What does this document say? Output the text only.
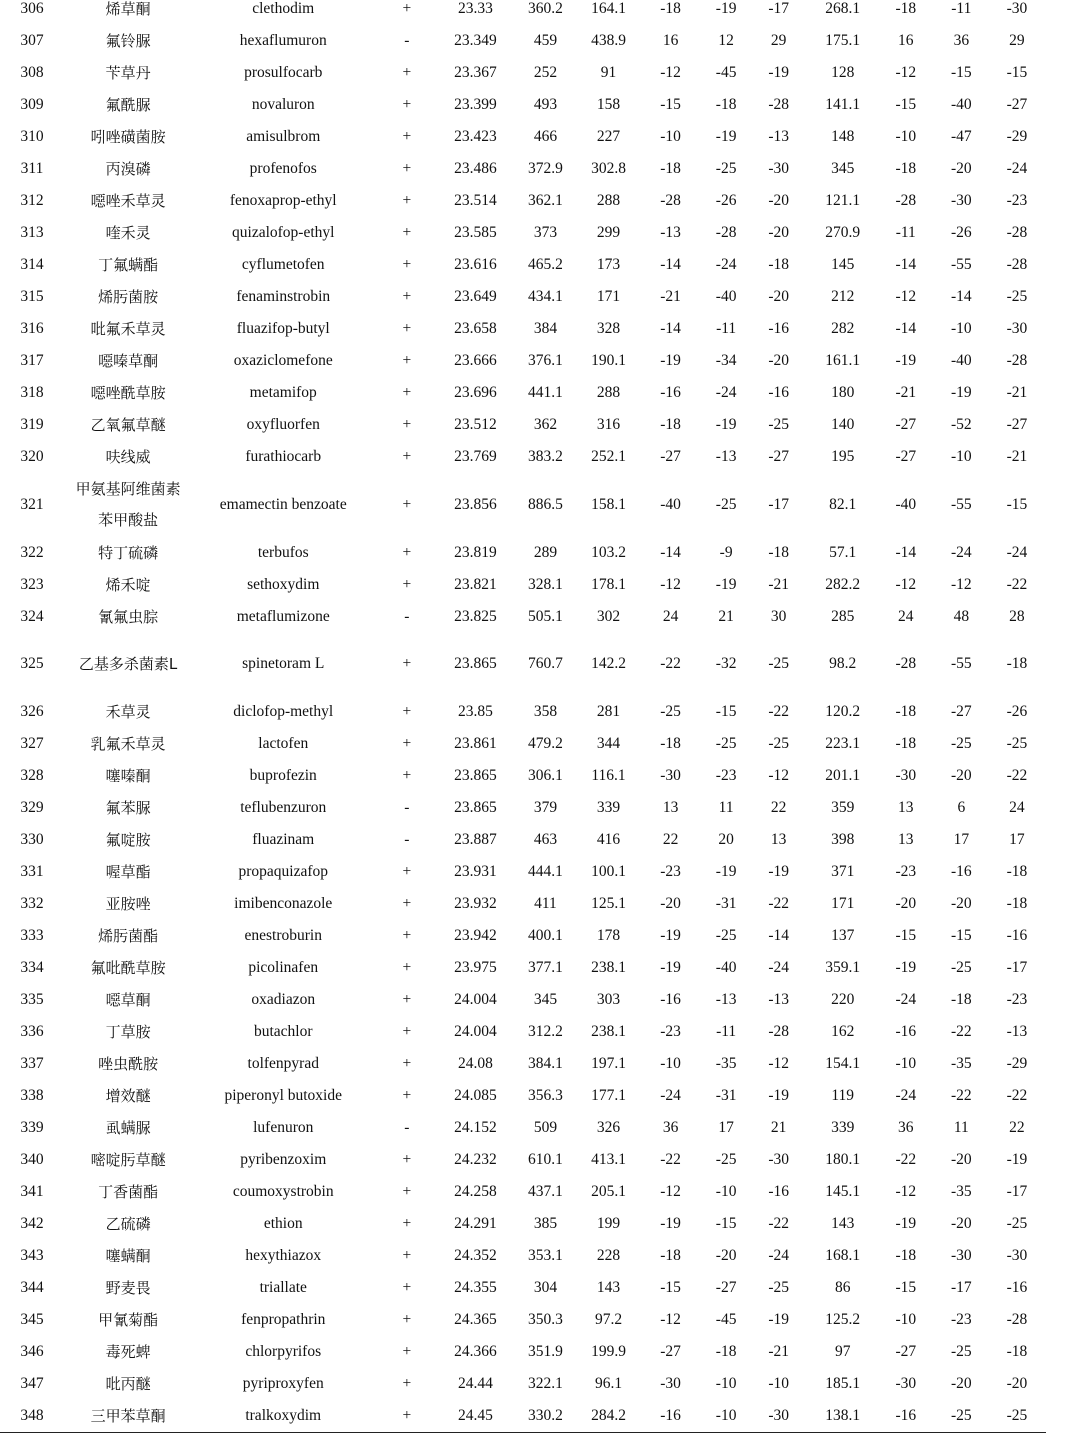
306	烯草酮	clethodim	+	23.33	360.2	164.1	-18	-19	-17	268.1	-18	-11	-30
307	氟铃脲	hexaflumuron	-	23.349	459	438.9	16	12	29	175.1	16	36	29
308	苄草丹	prosulfocarb	+	23.367	252	91	-12	-45	-19	128	-12	-15	-15
309	氟酰脲	novaluron	+	23.399	493	158	-15	-18	-28	141.1	-15	-40	-27
310	吲唑磺菌胺	amisulbrom	+	23.423	466	227	-10	-19	-13	148	-10	-47	-29
311	丙溴磷	profenofos	+	23.486	372.9	302.8	-18	-25	-30	345	-18	-20	-24
312	噁唑禾草灵	fenoxaprop-ethyl	+	23.514	362.1	288	-28	-26	-20	121.1	-28	-30	-23
313	喹禾灵	quizalofop-ethyl	+	23.585	373	299	-13	-28	-20	270.9	-11	-26	-28
314	丁氟螨酯	cyflumetofen	+	23.616	465.2	173	-14	-24	-18	145	-14	-55	-28
315	烯肟菌胺	fenaminstrobin	+	23.649	434.1	171	-21	-40	-20	212	-12	-14	-25
316	吡氟禾草灵	fluazifop-butyl	+	23.658	384	328	-14	-11	-16	282	-14	-10	-30
317	噁嗪草酮	oxaziclomefone	+	23.666	376.1	190.1	-19	-34	-20	161.1	-19	-40	-28
318	噁唑酰草胺	metamifop	+	23.696	441.1	288	-16	-24	-16	180	-21	-19	-21
319	乙氧氟草醚	oxyfluorfen	+	23.512	362	316	-18	-19	-25	140	-27	-52	-27
320	呋线威	furathiocarb	+	23.769	383.2	252.1	-27	-13	-27	195	-27	-10	-21
321	甲氨基阿维菌素苯甲酸盐	emamectin benzoate	+	23.856	886.5	158.1	-40	-25	-17	82.1	-40	-55	-15
322	特丁硫磷	terbufos	+	23.819	289	103.2	-14	-9	-18	57.1	-14	-24	-24
323	烯禾啶	sethoxydim	+	23.821	328.1	178.1	-12	-19	-21	282.2	-12	-12	-22
324	氰氟虫腙	metaflumizone	-	23.825	505.1	302	24	21	30	285	24	48	28
325	乙基多杀菌素L	spinetoram L	+	23.865	760.7	142.2	-22	-32	-25	98.2	-28	-55	-18
326	禾草灵	diclofop-methyl	+	23.85	358	281	-25	-15	-22	120.2	-18	-27	-26
327	乳氟禾草灵	lactofen	+	23.861	479.2	344	-18	-25	-25	223.1	-18	-25	-25
328	噻嗪酮	buprofezin	+	23.865	306.1	116.1	-30	-23	-12	201.1	-30	-20	-22
329	氟苯脲	teflubenzuron	-	23.865	379	339	13	11	22	359	13	6	24
330	氟啶胺	fluazinam	-	23.887	463	416	22	20	13	398	13	17	17
331	喔草酯	propaquizafop	+	23.931	444.1	100.1	-23	-19	-19	371	-23	-16	-18
332	亚胺唑	imibenconazole	+	23.932	411	125.1	-20	-31	-22	171	-20	-20	-18
333	烯肟菌酯	enestroburin	+	23.942	400.1	178	-19	-25	-14	137	-15	-15	-16
334	氟吡酰草胺	picolinafen	+	23.975	377.1	238.1	-19	-40	-24	359.1	-19	-25	-17
335	噁草酮	oxadiazon	+	24.004	345	303	-16	-13	-13	220	-24	-18	-23
336	丁草胺	butachlor	+	24.004	312.2	238.1	-23	-11	-28	162	-16	-22	-13
337	唑虫酰胺	tolfenpyrad	+	24.08	384.1	197.1	-10	-35	-12	154.1	-10	-35	-29
338	增效醚	piperonyl butoxide	+	24.085	356.3	177.1	-24	-31	-19	119	-24	-22	-22
339	虱螨脲	lufenuron	-	24.152	509	326	36	17	21	339	36	11	22
340	嘧啶肟草醚	pyribenzoxim	+	24.232	610.1	413.1	-22	-25	-30	180.1	-22	-20	-19
341	丁香菌酯	coumoxystrobin	+	24.258	437.1	205.1	-12	-10	-16	145.1	-12	-35	-17
342	乙硫磷	ethion	+	24.291	385	199	-19	-15	-22	143	-19	-20	-25
343	噻螨酮	hexythiazox	+	24.352	353.1	228	-18	-20	-24	168.1	-18	-30	-30
344	野麦畏	triallate	+	24.355	304	143	-15	-27	-25	86	-15	-17	-16
345	甲氰菊酯	fenpropathrin	+	24.365	350.3	97.2	-12	-45	-19	125.2	-10	-23	-28
346	毒死蜱	chlorpyrifos	+	24.366	351.9	199.9	-27	-18	-21	97	-27	-25	-18
347	吡丙醚	pyriproxyfen	+	24.44	322.1	96.1	-30	-10	-10	185.1	-30	-20	-20
348	三甲苯草酮	tralkoxydim	+	24.45	330.2	284.2	-16	-10	-30	138.1	-16	-25	-25
